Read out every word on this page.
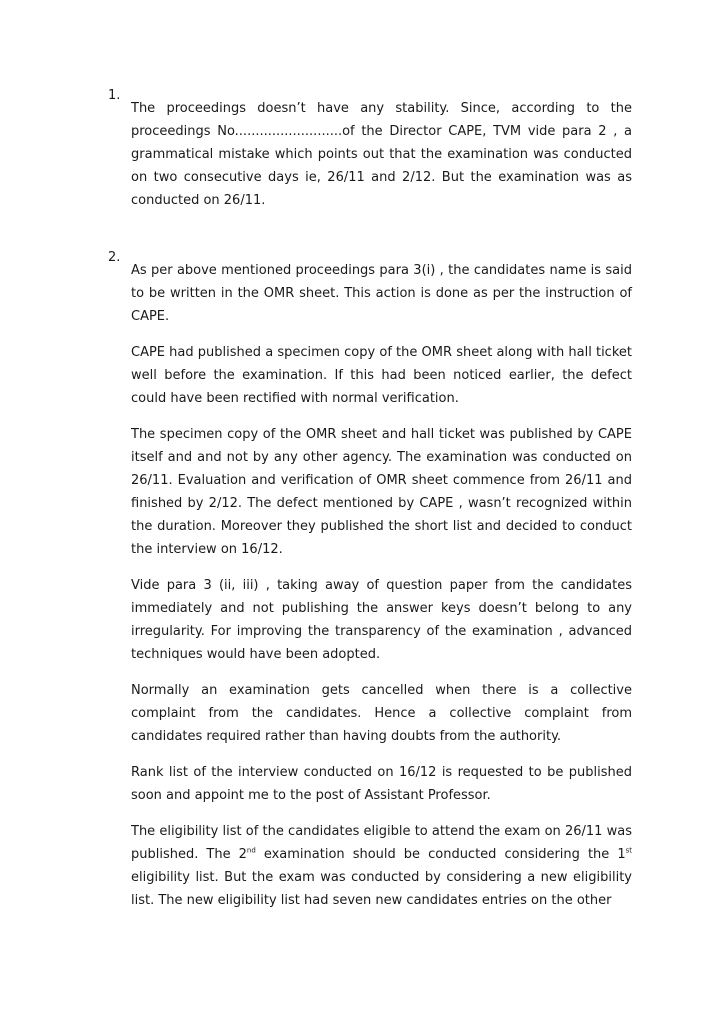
1.

The proceedings doesn’t have any stability. Since, according to the proceedings No..........................of the Director CAPE, TVM vide para 2 , a grammatical mistake which points out that the examination was conducted on two consecutive days ie, 26/11 and 2/12. But the examination was as conducted on 26/11.

2.

As per above mentioned proceedings para 3(i) , the candidates name is said to be written in the OMR sheet. This action is done as per the instruction of CAPE.

CAPE had published a specimen copy of the OMR sheet along with hall ticket well before the examination. If this had been noticed earlier, the defect could have been rectified with normal verification.

The specimen copy of the OMR sheet and hall ticket was published by CAPE itself and and not by any other agency. The examination was conducted on 26/11. Evaluation and verification of OMR sheet commence from 26/11 and finished by 2/12. The defect mentioned by CAPE , wasn’t recognized within the duration. Moreover they published the short list and decided to conduct the interview on 16/12.

Vide para 3 (ii, iii) , taking away of question paper from the candidates immediately and not publishing the answer keys doesn’t belong to any irregularity. For improving the transparency of the examination , advanced techniques would have been adopted.

Normally an examination gets cancelled when there is a collective complaint from the candidates. Hence a collective complaint from candidates required rather than having doubts from the authority.

Rank list of the interview conducted on 16/12 is requested to be published soon and appoint me to the post of Assistant Professor.

The eligibility list of the candidates eligible to attend the exam on 26/11 was published. The 2nd examination should be conducted considering the 1st eligibility list. But the exam was conducted by considering a new eligibility list. The new eligibility list had seven new candidates entries on the other
